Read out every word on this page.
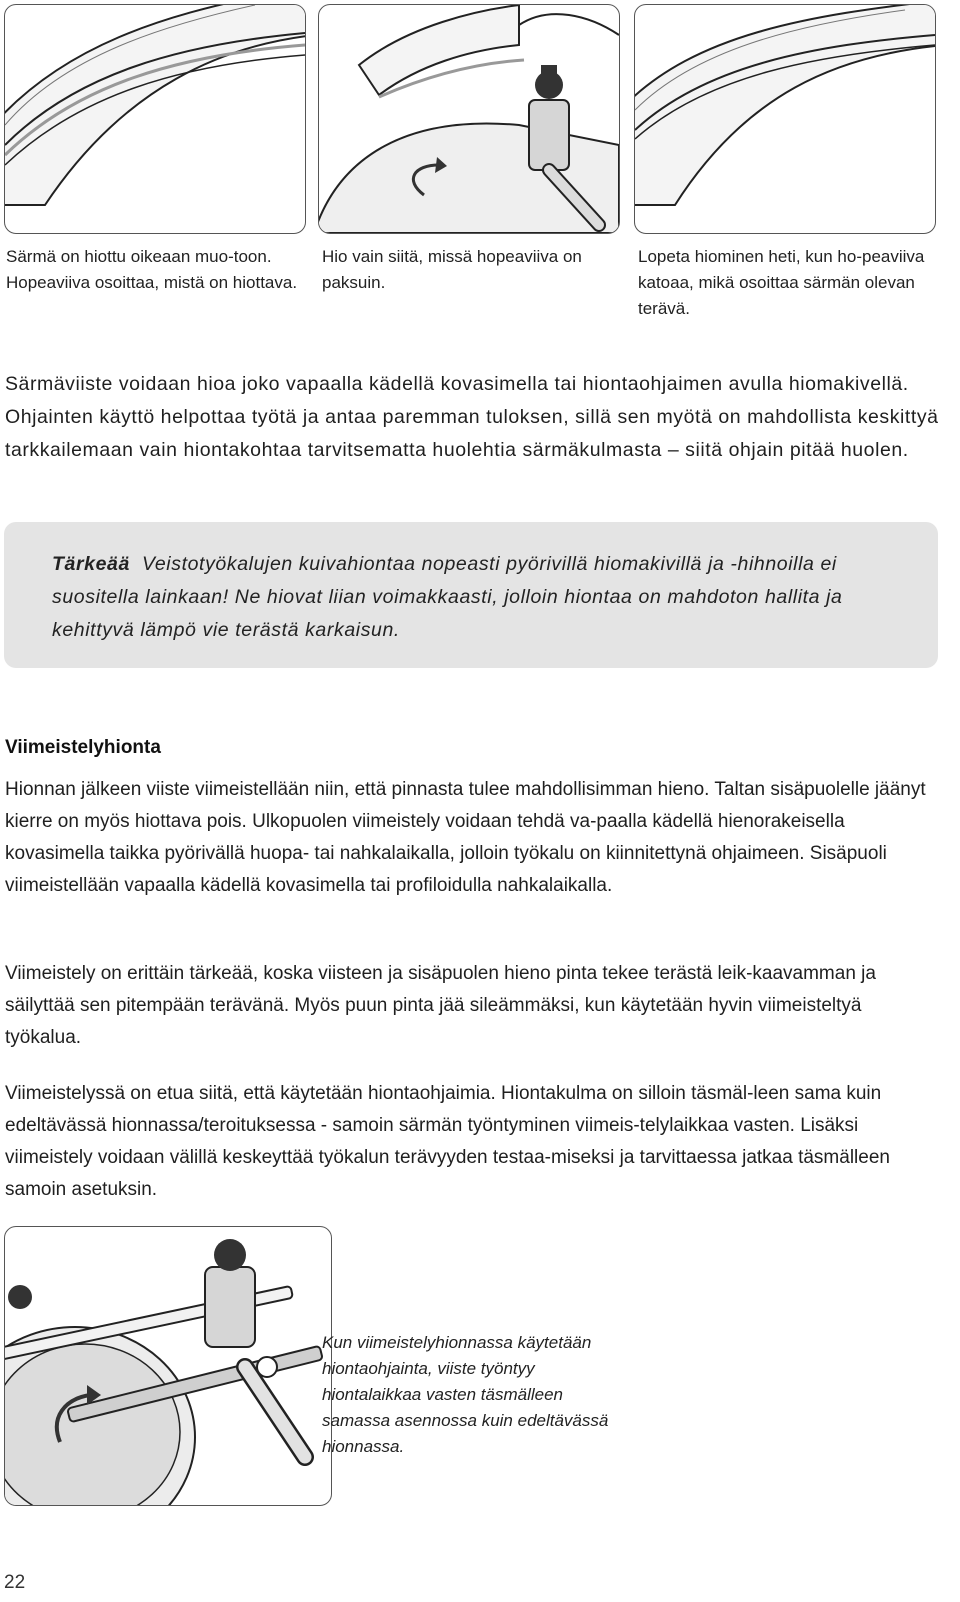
Särmä on hiottu oikeaan muo-toon. Hopeaviiva osoittaa, mistä on hiottava.
Hio vain siitä, missä hopeaviiva on paksuin.
Lopeta hiominen heti, kun ho-peaviiva katoaa, mikä osoittaa särmän olevan terävä.

Särmäviiste voidaan hioa joko vapaalla kädellä kovasimella tai hiontaohjaimen avulla hiomakivellä. Ohjainten käyttö helpottaa työtä ja antaa paremman tuloksen, sillä sen myötä on mahdollista keskittyä tarkkailemaan vain hiontakohtaa tarvitsematta huolehtia särmäkulmasta – siitä ohjain pitää huolen.

Tärkeää Veistotyökalujen kuivahiontaa nopeasti pyörivillä hiomakivillä ja -hihnoilla ei suositella lainkaan! Ne hiovat liian voimakkaasti, jolloin hiontaa on mahdoton hallita ja kehittyvä lämpö vie terästä karkaisun.

Viimeistelyhionta

Hionnan jälkeen viiste viimeistellään niin, että pinnasta tulee mahdollisimman hieno. Taltan sisäpuolelle jäänyt kierre on myös hiottava pois. Ulkopuolen viimeistely voidaan tehdä va-paalla kädellä hienorakeisella kovasimella taikka pyörivällä huopa- tai nahkalaikalla, jolloin työkalu on kiinnitettynä ohjaimeen. Sisäpuoli viimeistellään vapaalla kädellä kovasimella tai profiloidulla nahkalaikalla.

Viimeistely on erittäin tärkeää, koska viisteen ja sisäpuolen hieno pinta tekee terästä leik-kaavamman ja säilyttää sen pitempään terävänä. Myös puun pinta jää sileämmäksi, kun käytetään hyvin viimeisteltyä työkalua.

Viimeistelyssä on etua siitä, että käytetään hiontaohjaimia. Hiontakulma on silloin täsmäl-leen sama kuin edeltävässä hionnassa/teroituksessa - samoin särmän työntyminen viimeis-telylaikkaa vasten. Lisäksi viimeistely voidaan välillä keskeyttää työkalun terävyyden testaa-miseksi ja tarvittaessa jatkaa täsmälleen samoin asetuksin.

Kun viimeistelyhionnassa käytetään hiontaohjainta, viiste työntyy hiontalaikkaa vasten täsmälleen samassa asennossa kuin edeltävässä hionnassa.
22
